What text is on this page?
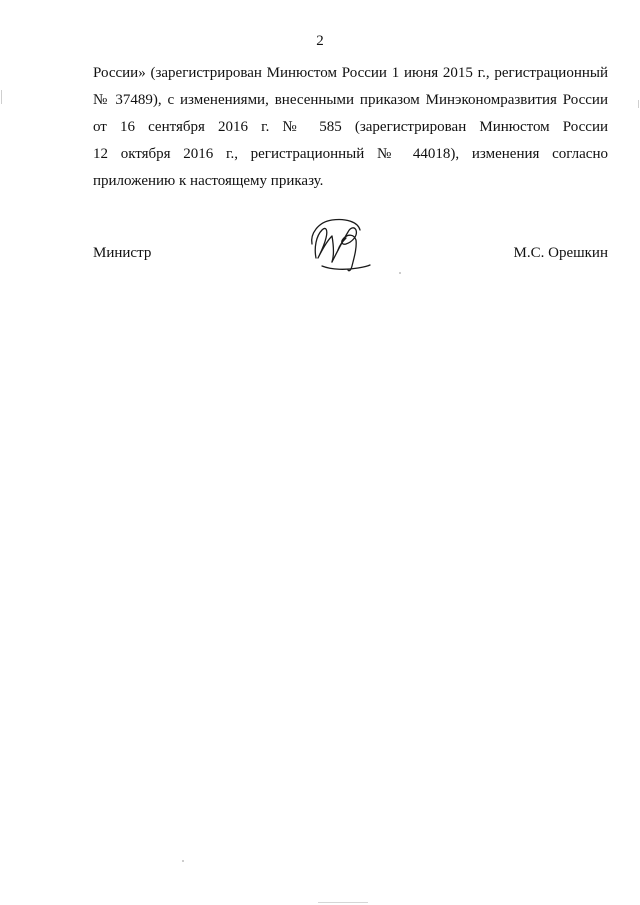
2
России» (зарегистрирован Минюстом России 1 июня 2015 г., регистрационный
№ 37489), с изменениями, внесенными приказом Минэкономразвития России
от 16 сентября 2016 г. № 585 (зарегистрирован Минюстом России
12 октября 2016 г., регистрационный № 44018), изменения согласно
приложению к настоящему приказу.
Министр	М.С. Орешкин
